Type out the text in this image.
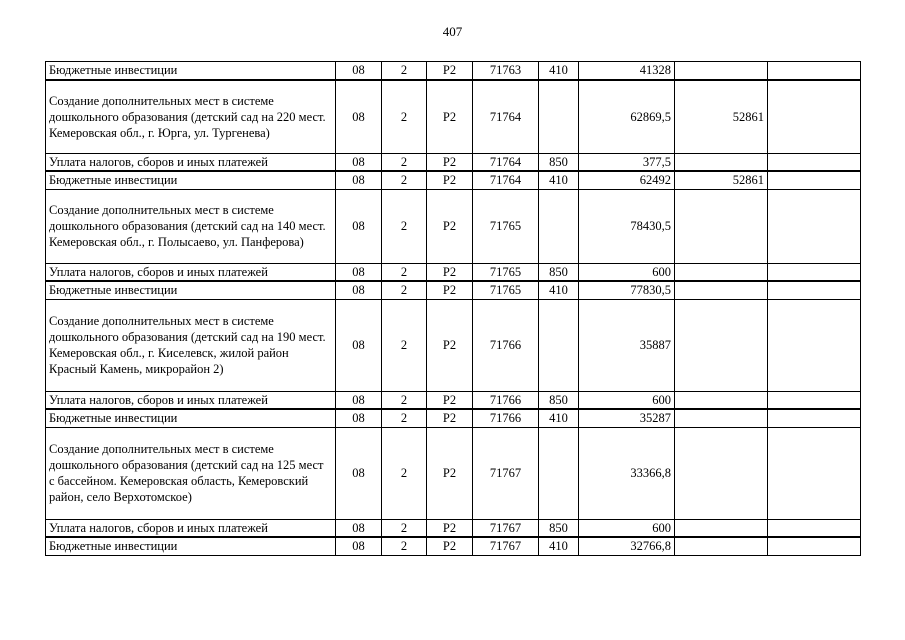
407
Бюджетные инвестиции	08	2	Р2	71763	410	41328		
Создание дополнительных мест в системе дошкольного образования (детский сад на 220 мест. Кемеровская обл., г. Юрга, ул. Тургенева)	08	2	Р2	71764		62869,5	52861	
Уплата налогов, сборов и иных платежей	08	2	Р2	71764	850	377,5		
Бюджетные инвестиции	08	2	Р2	71764	410	62492	52861	
Создание дополнительных мест в системе дошкольного образования (детский сад на 140 мест. Кемеровская обл., г. Полысаево, ул. Панферова)	08	2	Р2	71765		78430,5		
Уплата налогов, сборов и иных платежей	08	2	Р2	71765	850	600		
Бюджетные инвестиции	08	2	Р2	71765	410	77830,5		
Создание дополнительных мест в системе дошкольного образования (детский сад на 190 мест. Кемеровская обл., г. Киселевск, жилой район Красный Камень, микрорайон 2)	08	2	Р2	71766		35887		
Уплата налогов, сборов и иных платежей	08	2	Р2	71766	850	600		
Бюджетные инвестиции	08	2	Р2	71766	410	35287		
Создание дополнительных мест в системе дошкольного образования (детский сад на 125 мест с бассейном. Кемеровская область, Кемеровский район, село Верхотомское)	08	2	Р2	71767		33366,8		
Уплата налогов, сборов и иных платежей	08	2	Р2	71767	850	600		
Бюджетные инвестиции	08	2	Р2	71767	410	32766,8		
